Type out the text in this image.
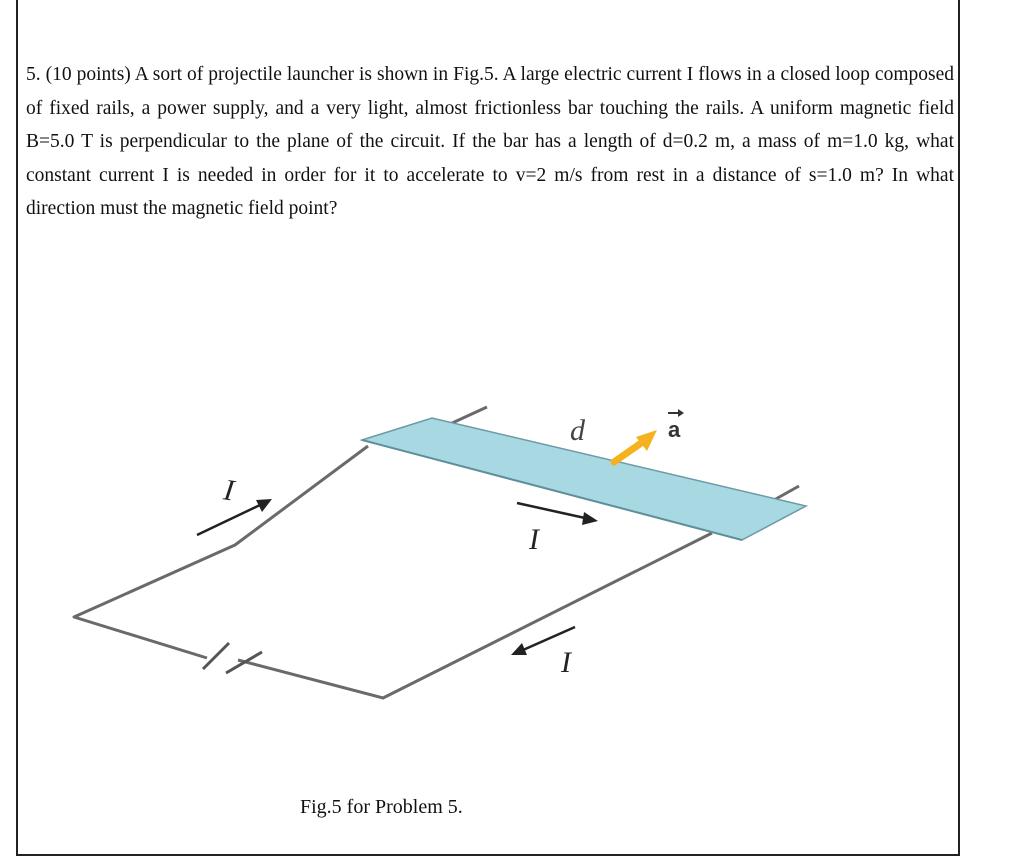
5. (10 points) A sort of projectile launcher is shown in Fig.5. A large electric current I flows in a closed loop composed of fixed rails, a power supply, and a very light, almost frictionless bar touching the rails. A uniform magnetic field B=5.0 T is perpendicular to the plane of the circuit. If the bar has a length of d=0.2 m, a mass of m=1.0 kg, what constant current I is needed in order for it to accelerate to v=2 m/s from rest in a distance of s=1.0 m? In what direction must the magnetic field point?

I
I
I
d	a
Fig.5 for Problem 5.
